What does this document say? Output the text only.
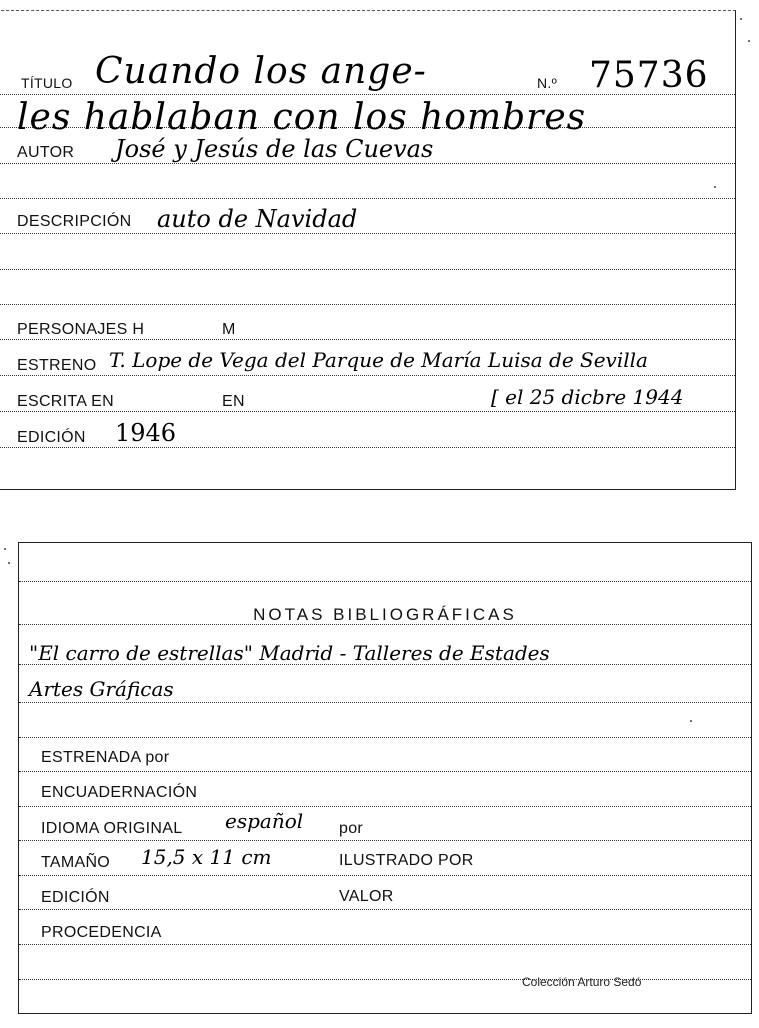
TÍTULO Cuando los ange-	N.º 75736
les hablaban con los hombres
AUTOR José y Jesús de las Cuevas
DESCRIPCIÓN auto de Navidad
PERSONAJES H	M
ESTRENO T. Lope de Vega del Parque de María Luisa de Sevilla
ESCRITA EN	EN	[ el 25 dicbre 1944
EDICIÓN 1946
NOTAS BIBLIOGRÁFICAS
"El carro de estrellas" Madrid - Talleres de Estades
Artes Gráficas
ESTRENADA por
ENCUADERNACIÓN
IDIOMA ORIGINAL español por
TAMAÑO 15,5 x 11 cm	ILUSTRADO POR
EDICIÓN	VALOR
PROCEDENCIA
Colección Arturo Sedó
